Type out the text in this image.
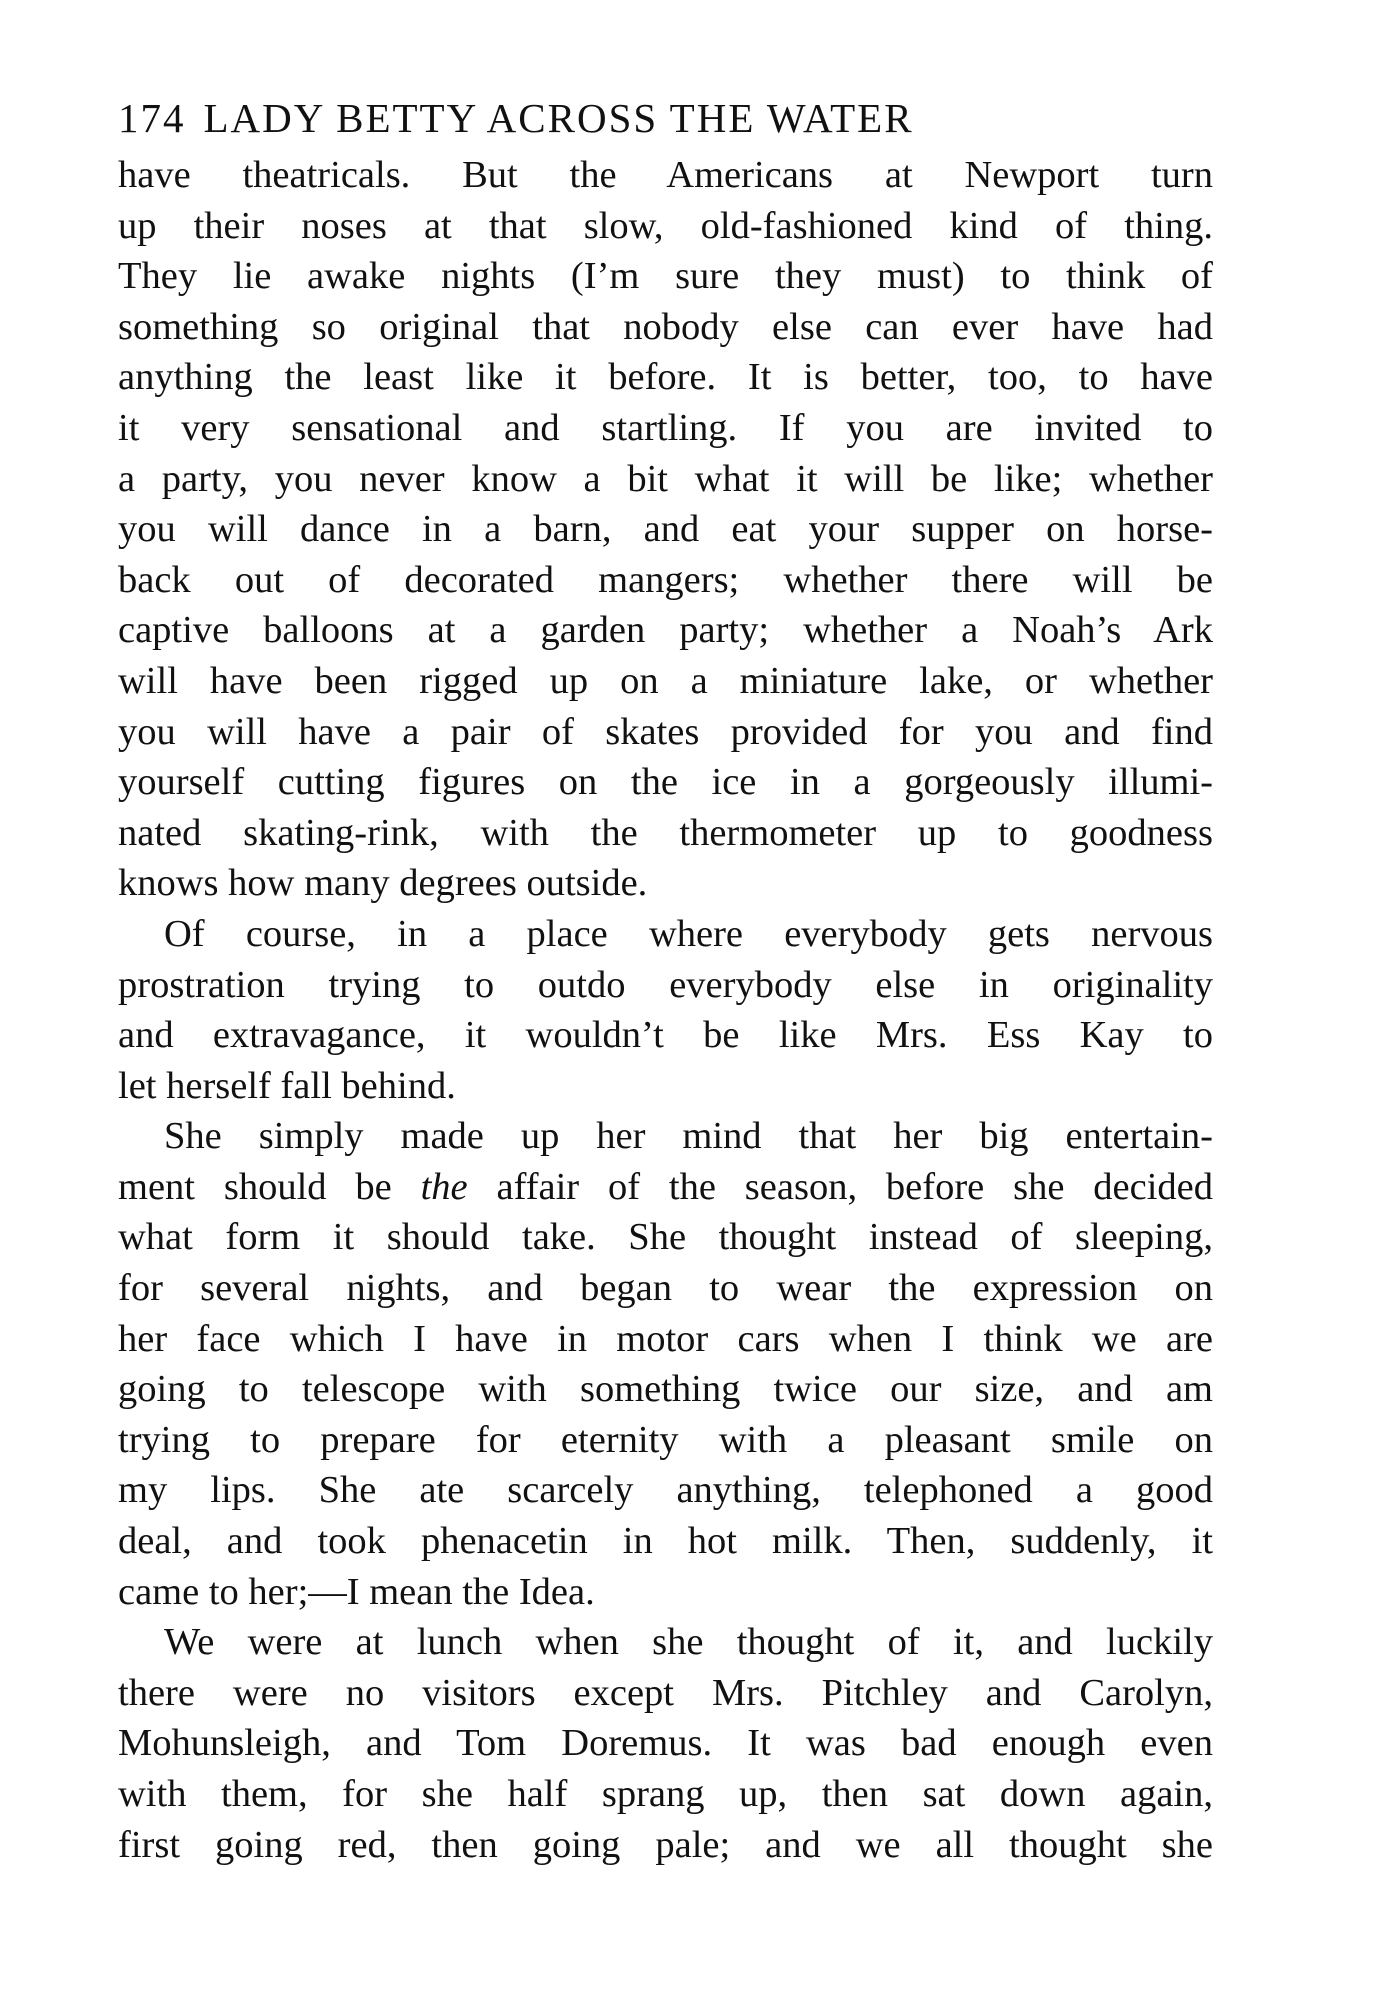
174 LADY BETTY ACROSS THE WATER
have theatricals. But the Americans at Newport turn
up their noses at that slow, old-fashioned kind of thing.
They lie awake nights (I’m sure they must) to think of
something so original that nobody else can ever have had
anything the least like it before. It is better, too, to have
it very sensational and startling. If you are invited to
a party, you never know a bit what it will be like; whether
you will dance in a barn, and eat your supper on horse-
back out of decorated mangers; whether there will be
captive balloons at a garden party; whether a Noah’s Ark
will have been rigged up on a miniature lake, or whether
you will have a pair of skates provided for you and find
yourself cutting figures on the ice in a gorgeously illumi-
nated skating-rink, with the thermometer up to goodness
knows how many degrees outside.
Of course, in a place where everybody gets nervous
prostration trying to outdo everybody else in originality
and extravagance, it wouldn’t be like Mrs. Ess Kay to
let herself fall behind.
She simply made up her mind that her big entertain-
ment should be the affair of the season, before she decided
what form it should take. She thought instead of sleeping,
for several nights, and began to wear the expression on
her face which I have in motor cars when I think we are
going to telescope with something twice our size, and am
trying to prepare for eternity with a pleasant smile on
my lips. She ate scarcely anything, telephoned a good
deal, and took phenacetin in hot milk. Then, suddenly, it
came to her;—I mean the Idea.
We were at lunch when she thought of it, and luckily
there were no visitors except Mrs. Pitchley and Carolyn,
Mohunsleigh, and Tom Doremus. It was bad enough even
with them, for she half sprang up, then sat down again,
first going red, then going pale; and we all thought she
